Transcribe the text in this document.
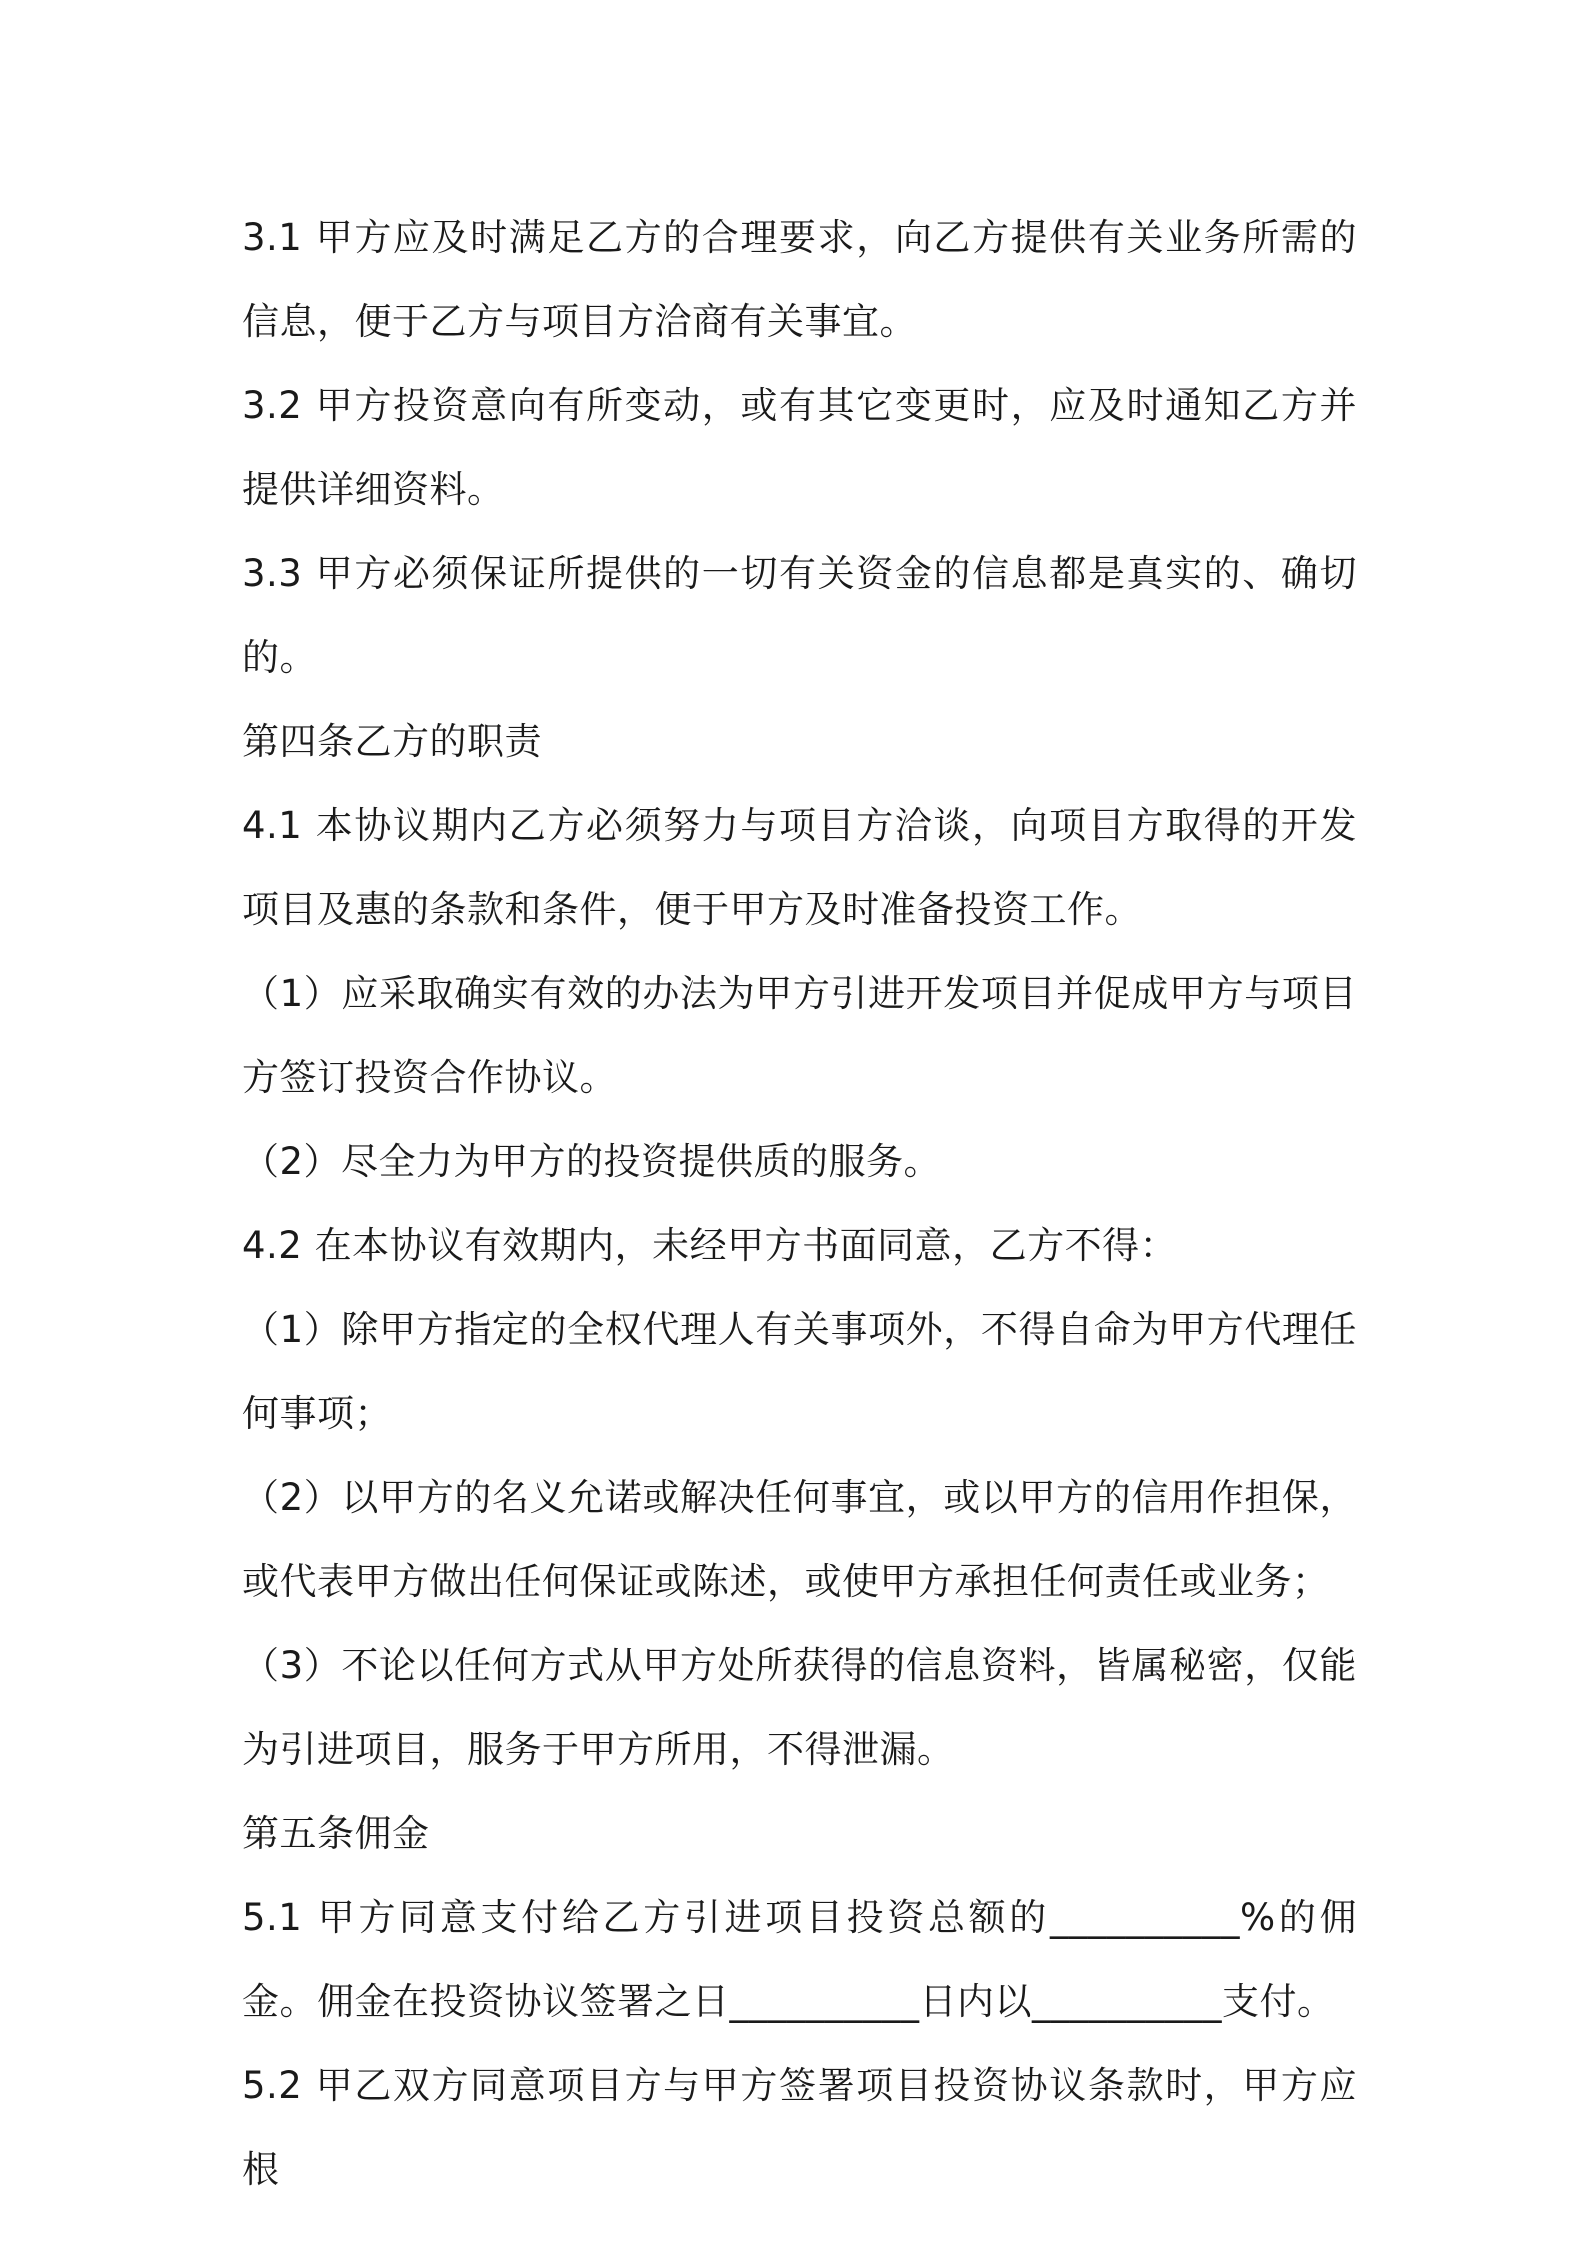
3.1 甲方应及时满足乙方的合理要求，向乙方提供有关业务所需的信息，便于乙方与项目方洽商有关事宜。

3.2 甲方投资意向有所变动，或有其它变更时，应及时通知乙方并提供详细资料。

3.3 甲方必须保证所提供的一切有关资金的信息都是真实的、确切的。

第四条乙方的职责

4.1 本协议期内乙方必须努力与项目方洽谈，向项目方取得的开发项目及惠的条款和条件，便于甲方及时准备投资工作。

（1）应采取确实有效的办法为甲方引进开发项目并促成甲方与项目方签订投资合作协议。

（2）尽全力为甲方的投资提供质的服务。

4.2 在本协议有效期内，未经甲方书面同意，乙方不得：

（1）除甲方指定的全权代理人有关事项外，不得自命为甲方代理任何事项；

（2）以甲方的名义允诺或解决任何事宜，或以甲方的信用作担保，或代表甲方做出任何保证或陈述，或使甲方承担任何责任或业务；

（3）不论以任何方式从甲方处所获得的信息资料，皆属秘密，仅能为引进项目，服务于甲方所用，不得泄漏。

第五条佣金

5.1 甲方同意支付给乙方引进项目投资总额的__________%的佣金。佣金在投资协议签署之日__________日内以__________支付。

5.2 甲乙双方同意项目方与甲方签署项目投资协议条款时，甲方应根
